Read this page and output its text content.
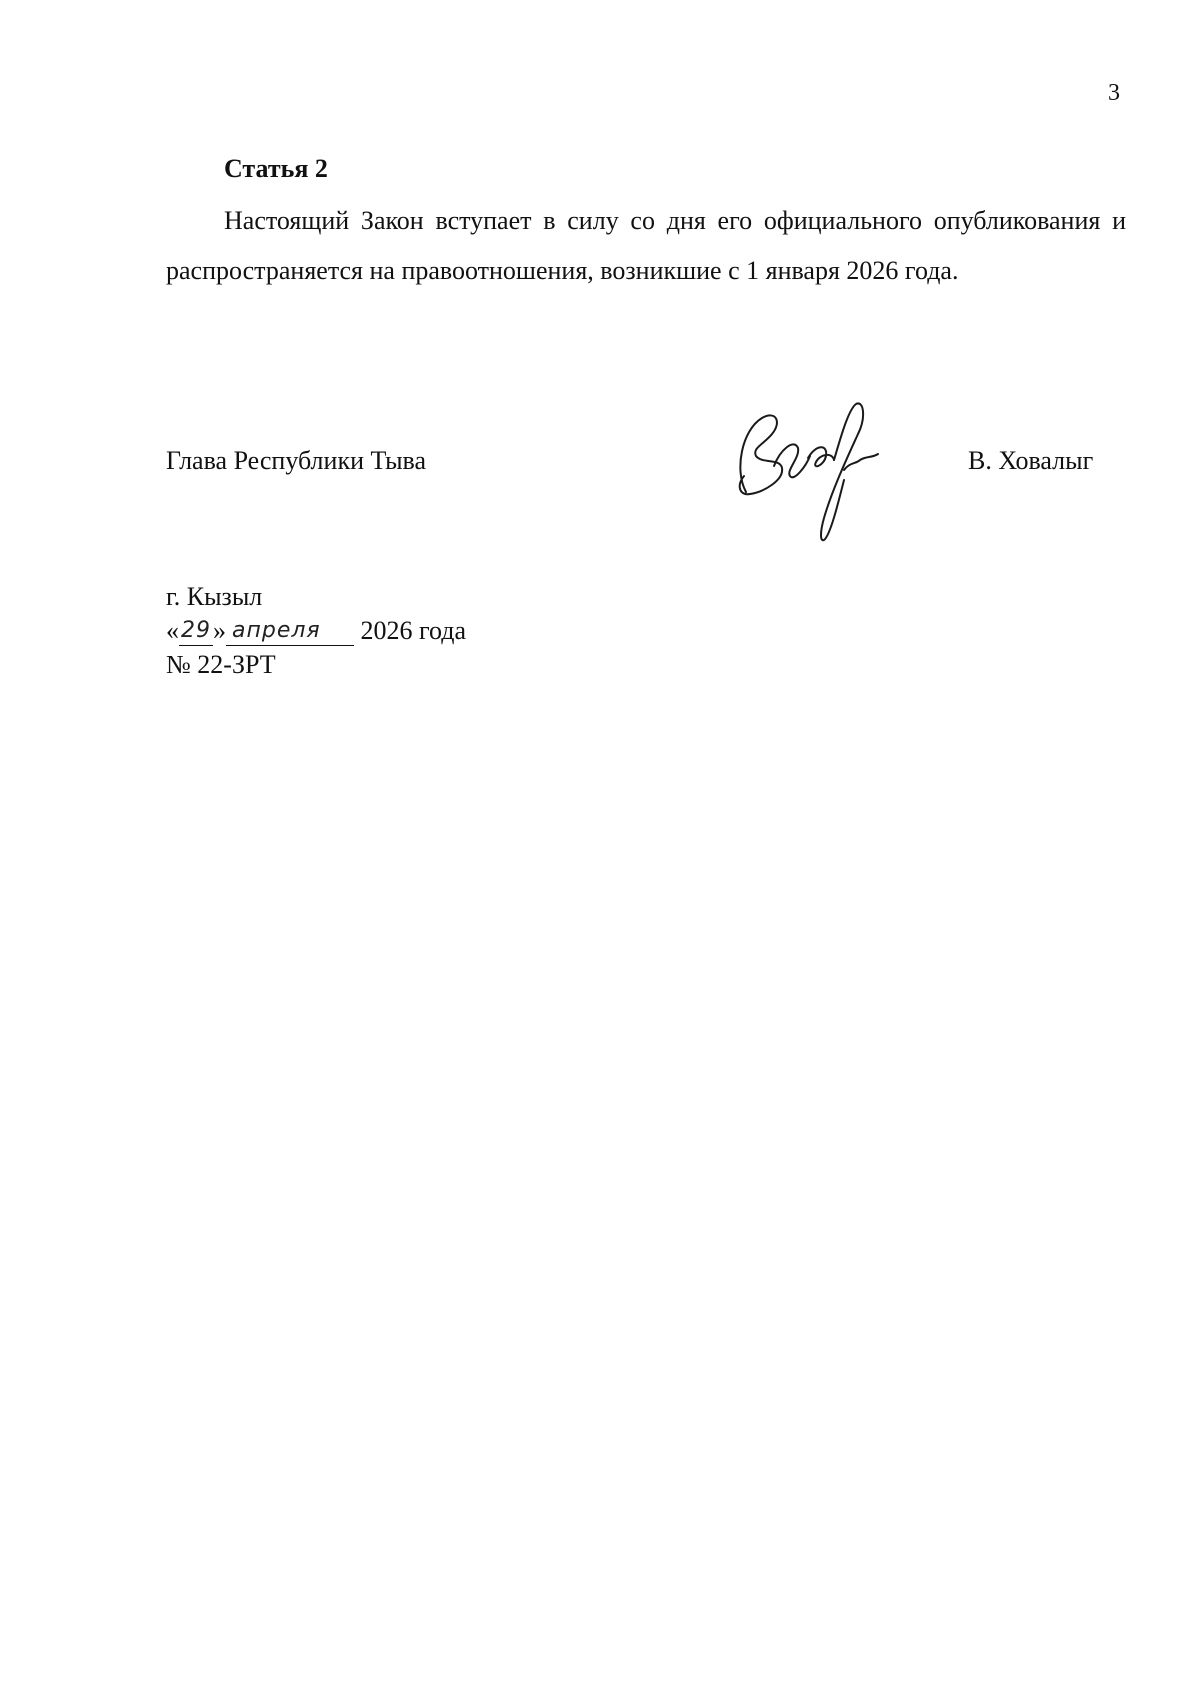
3
Статья 2

Настоящий Закон вступает в силу со дня его официального опубликования и распространяется на правоотношения, возникшие с 1 января 2026 года.

Глава Республики Тыва	В. Ховалыг
г. Кызыл
«29» апреля 2026 года
№ 22-ЗРТ
